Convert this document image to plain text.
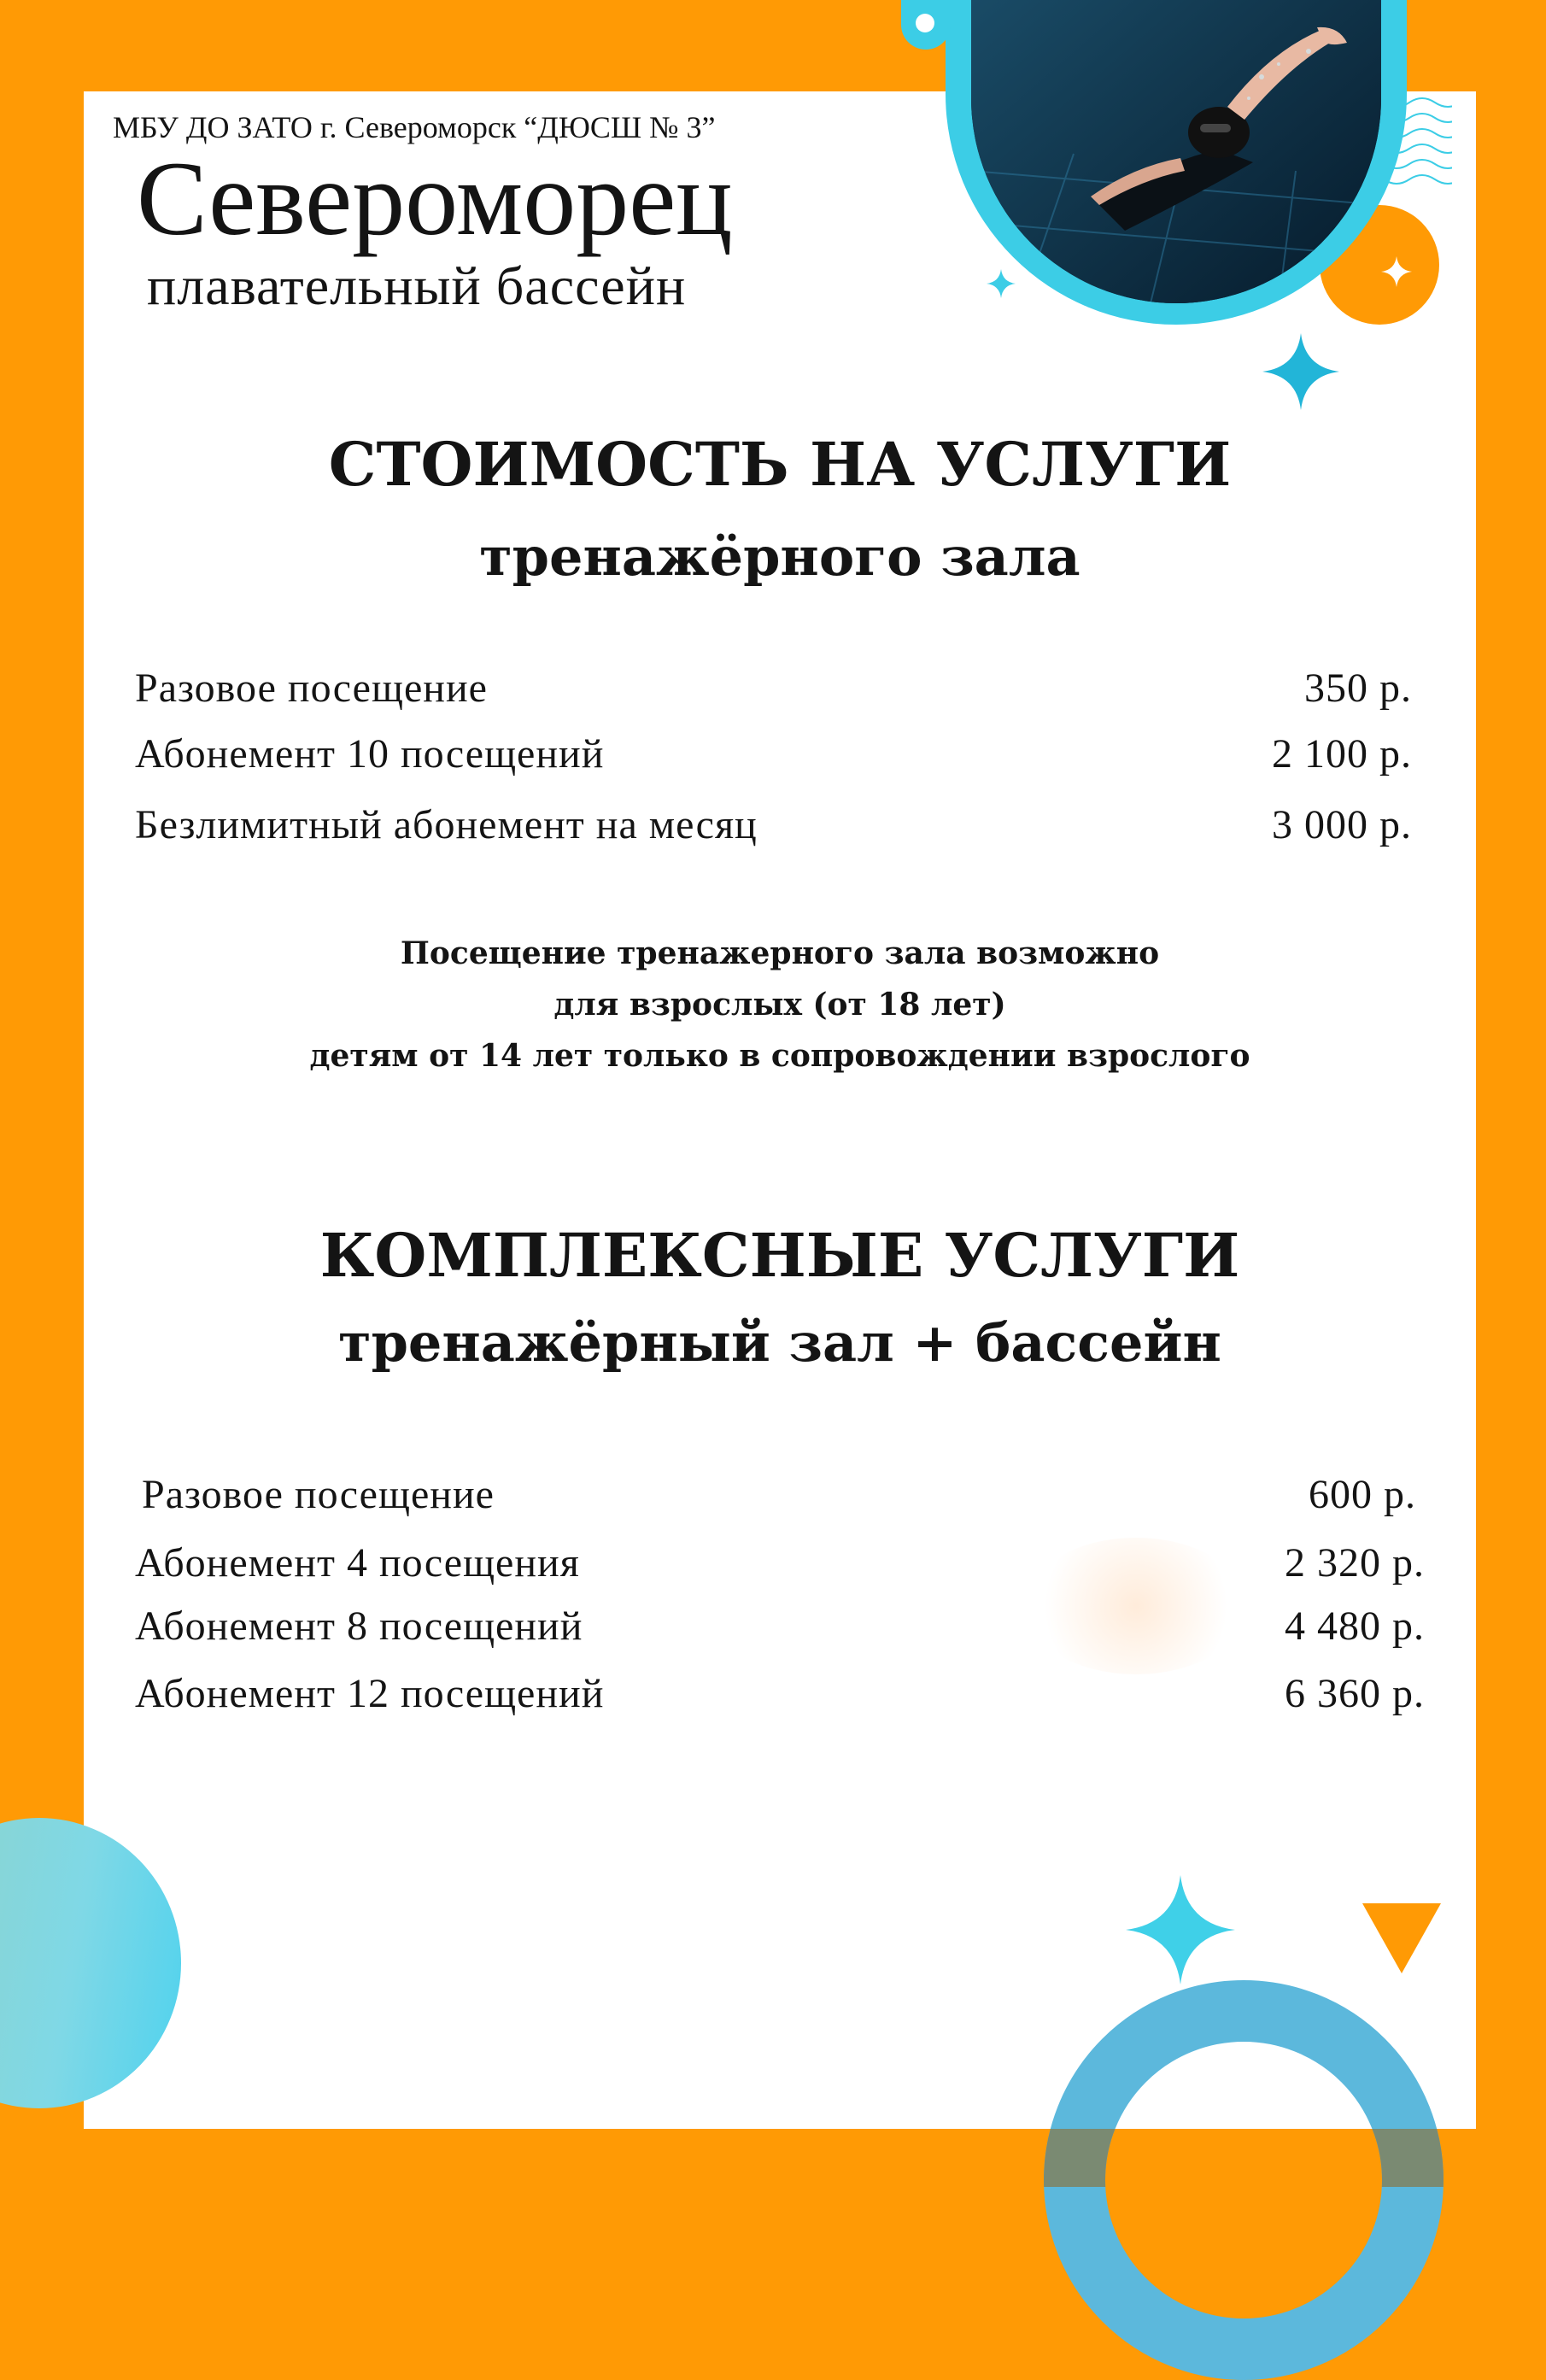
МБУ ДО ЗАТО г. Североморск “ДЮСШ № 3”
Североморец
плавательный бассейн
СТОИМОСТЬ НА УСЛУГИ
тренажёрного зала
Разовое посещение	350 р.
Абонемент 10 посещений	2 100 р.
Безлимитный абонемент на месяц	3 000 р.
Посещение тренажерного зала возможно
для взрослых (от 18 лет)
детям от 14 лет только в сопровождении взрослого
КОМПЛЕКСНЫЕ УСЛУГИ
тренажёрный зал + бассейн
Разовое посещение	600 р.
Абонемент 4 посещения	2 320 р.
Абонемент 8 посещений	4 480 р.
Абонемент 12 посещений	6 360 р.
